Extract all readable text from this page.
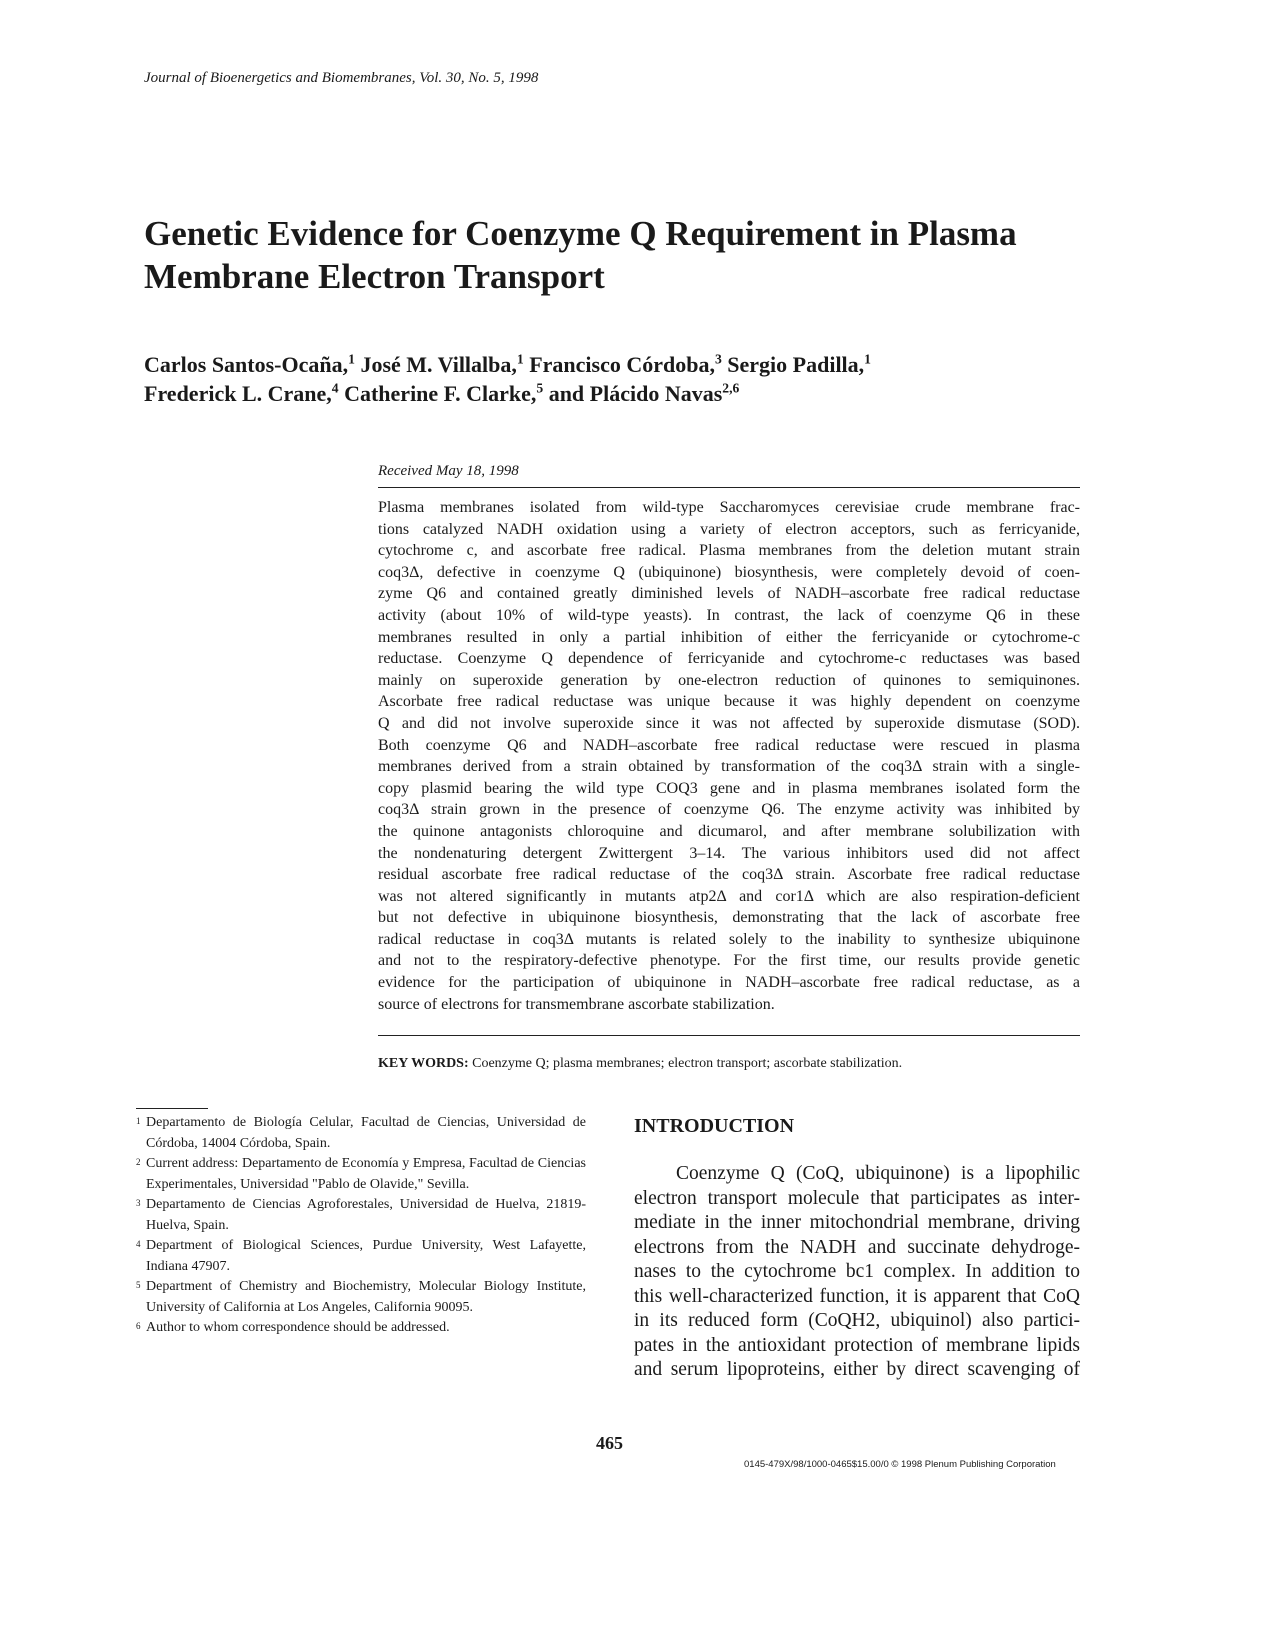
Journal of Bioenergetics and Biomembranes, Vol. 30, No. 5, 1998
Genetic Evidence for Coenzyme Q Requirement in Plasma
Membrane Electron Transport
Carlos Santos-Ocaña,$^1$ José M. Villalba,$^1$ Francisco Córdoba,$^3$ Sergio Padilla,$^1$
Frederick L. Crane,$^4$ Catherine F. Clarke,$^5$ and Plácido Navas$^{2,6}$
Received May 18, 1998

Plasma membranes isolated from wild-type Saccharomyces cerevisiae crude membrane frac-

tions catalyzed NADH oxidation using a variety of electron acceptors, such as ferricyanide,

cytochrome c, and ascorbate free radical. Plasma membranes from the deletion mutant strain

coq3Δ, defective in coenzyme Q (ubiquinone) biosynthesis, were completely devoid of coen-

zyme Q6 and contained greatly diminished levels of NADH–ascorbate free radical reductase

activity (about 10% of wild-type yeasts). In contrast, the lack of coenzyme Q6 in these

membranes resulted in only a partial inhibition of either the ferricyanide or cytochrome-c

reductase. Coenzyme Q dependence of ferricyanide and cytochrome-c reductases was based

mainly on superoxide generation by one-electron reduction of quinones to semiquinones.

Ascorbate free radical reductase was unique because it was highly dependent on coenzyme

Q and did not involve superoxide since it was not affected by superoxide dismutase (SOD).

Both coenzyme Q6 and NADH–ascorbate free radical reductase were rescued in plasma

membranes derived from a strain obtained by transformation of the coq3Δ strain with a single-

copy plasmid bearing the wild type COQ3 gene and in plasma membranes isolated form the

coq3Δ strain grown in the presence of coenzyme Q6. The enzyme activity was inhibited by

the quinone antagonists chloroquine and dicumarol, and after membrane solubilization with

the nondenaturing detergent Zwittergent 3–14. The various inhibitors used did not affect

residual ascorbate free radical reductase of the coq3Δ strain. Ascorbate free radical reductase

was not altered significantly in mutants atp2Δ and cor1Δ which are also respiration-deficient

but not defective in ubiquinone biosynthesis, demonstrating that the lack of ascorbate free

radical reductase in coq3Δ mutants is related solely to the inability to synthesize ubiquinone

and not to the respiratory-defective phenotype. For the first time, our results provide genetic

evidence for the participation of ubiquinone in NADH–ascorbate free radical reductase, as a

source of electrons for transmembrane ascorbate stabilization.

KEY WORDS: Coenzyme Q; plasma membranes; electron transport; ascorbate stabilization.
1 Departamento de Biología Celular, Facultad de Ciencias, Universidad de Córdoba, 14004 Córdoba, Spain.
2 Current address: Departamento de Economía y Empresa, Facultad de Ciencias Experimentales, Universidad "Pablo de Olavide," Sevilla.
3 Departamento de Ciencias Agroforestales, Universidad de Huelva, 21819-Huelva, Spain.
4 Department of Biological Sciences, Purdue University, West Lafayette, Indiana 47907.
5 Department of Chemistry and Biochemistry, Molecular Biology Institute, University of California at Los Angeles, California 90095.
6 Author to whom correspondence should be addressed.
INTRODUCTION

Coenzyme Q (CoQ, ubiquinone) is a lipophilic

electron transport molecule that participates as inter-

mediate in the inner mitochondrial membrane, driving

electrons from the NADH and succinate dehydroge-

nases to the cytochrome bc1 complex. In addition to

this well-characterized function, it is apparent that CoQ

in its reduced form (CoQH2, ubiquinol) also partici-

pates in the antioxidant protection of membrane lipids

and serum lipoproteins, either by direct scavenging of

465
0145-479X/98/1000-0465$15.00/0 © 1998 Plenum Publishing Corporation
